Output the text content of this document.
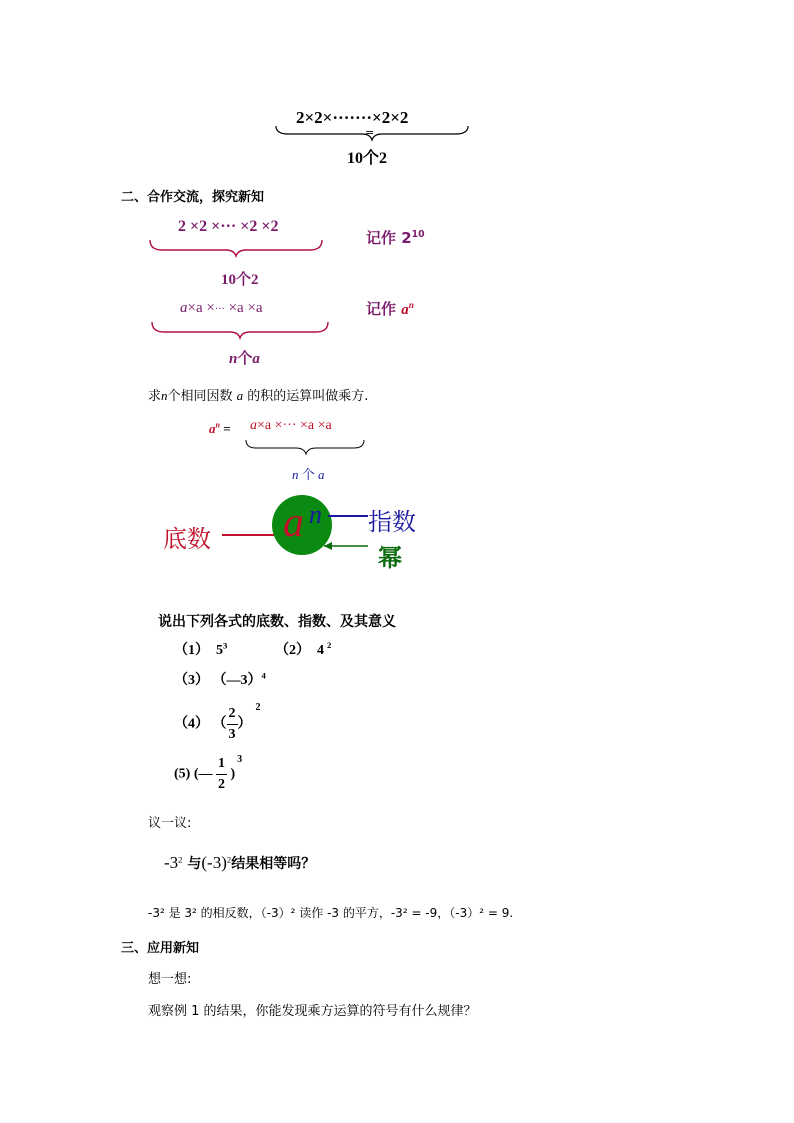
2×2×·······×2×2
=
10个2
二、合作交流，探究新知
2 ×2 ×··· ×2 ×2
10个2
记作 $2^{10}$
a×a ×··· ×a ×a
n个a
记作 $a^n$
求n个相同因数 a 的积的运算叫做乘方.
$a^n = a\times a$ ×··· ×a ×a
n 个 a
底数 a n 指数
幂
说出下列各式的底数、指数、及其意义
（1） $5^3$	（2） 4 $^2$
（3） （—3）$^4$
（4） （ $\frac{2}{3} )^2$
(5) (— $\frac{1}{2} )^3$
议一议:
$-3^2$ 与$(-3)^2$结果相等吗？
-3² 是 3² 的相反数，（-3）² 读作 -3 的平方，-3² = -9，（-3）² = 9.
三、应用新知
想一想:
观察例 1 的结果，你能发现乘方运算的符号有什么规律？
